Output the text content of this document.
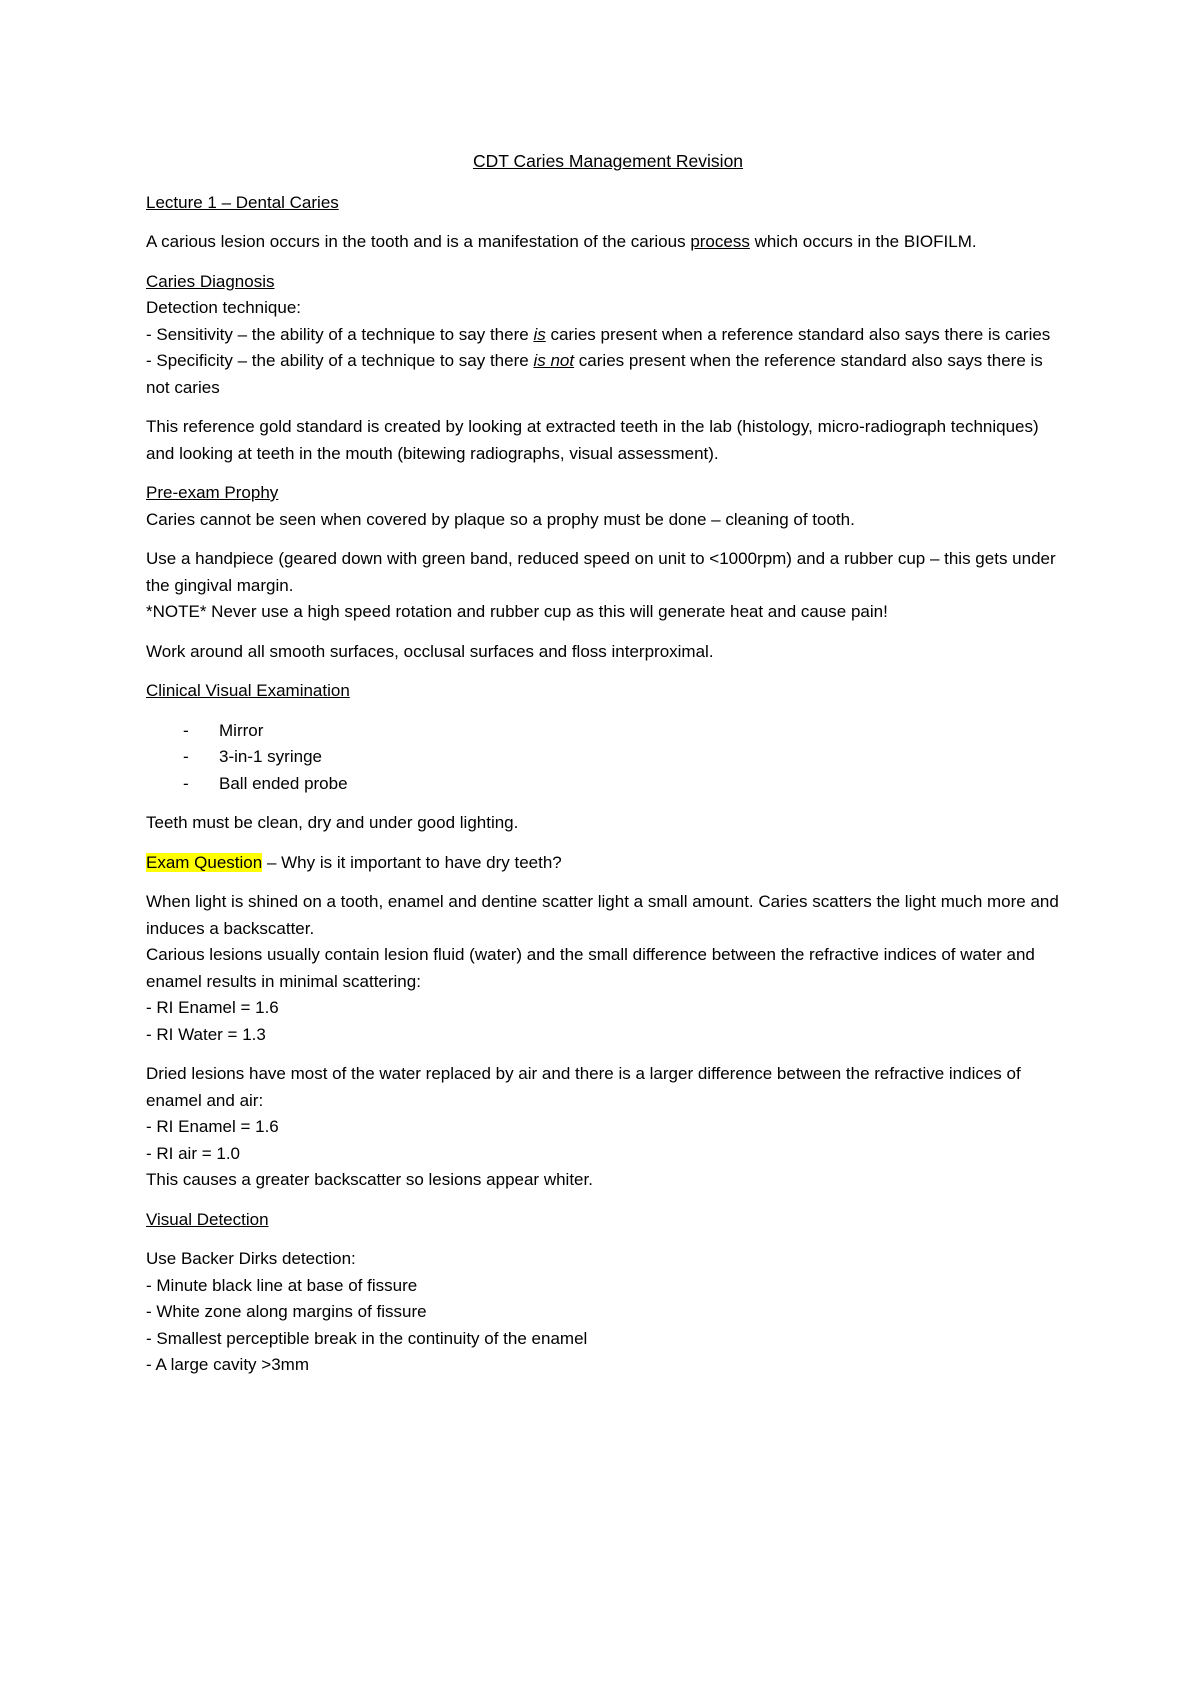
CDT Caries Management Revision

Lecture 1 – Dental Caries

A carious lesion occurs in the tooth and is a manifestation of the carious process which occurs in the BIOFILM.

Caries Diagnosis

Detection technique:

- Sensitivity – the ability of a technique to say there is caries present when a reference standard also says there is caries

- Specificity – the ability of a technique to say there is not caries present when the reference standard also says there is not caries

This reference gold standard is created by looking at extracted teeth in the lab (histology, micro-radiograph techniques) and looking at teeth in the mouth (bitewing radiographs, visual assessment).

Pre-exam Prophy

Caries cannot be seen when covered by plaque so a prophy must be done – cleaning of tooth.

Use a handpiece (geared down with green band, reduced speed on unit to <1000rpm) and a rubber cup – this gets under the gingival margin.

*NOTE* Never use a high speed rotation and rubber cup as this will generate heat and cause pain!

Work around all smooth surfaces, occlusal surfaces and floss interproximal.

Clinical Visual Examination

- Mirror
- 3-in-1 syringe
- Ball ended probe

Teeth must be clean, dry and under good lighting.

Exam Question – Why is it important to have dry teeth?

When light is shined on a tooth, enamel and dentine scatter light a small amount. Caries scatters the light much more and induces a backscatter.

Carious lesions usually contain lesion fluid (water) and the small difference between the refractive indices of water and enamel results in minimal scattering:

- RI Enamel = 1.6

- RI Water = 1.3

Dried lesions have most of the water replaced by air and there is a larger difference between the refractive indices of enamel and air:

- RI Enamel = 1.6

- RI air = 1.0

This causes a greater backscatter so lesions appear whiter.

Visual Detection

Use Backer Dirks detection:

- Minute black line at base of fissure

- White zone along margins of fissure

- Smallest perceptible break in the continuity of the enamel

- A large cavity >3mm
